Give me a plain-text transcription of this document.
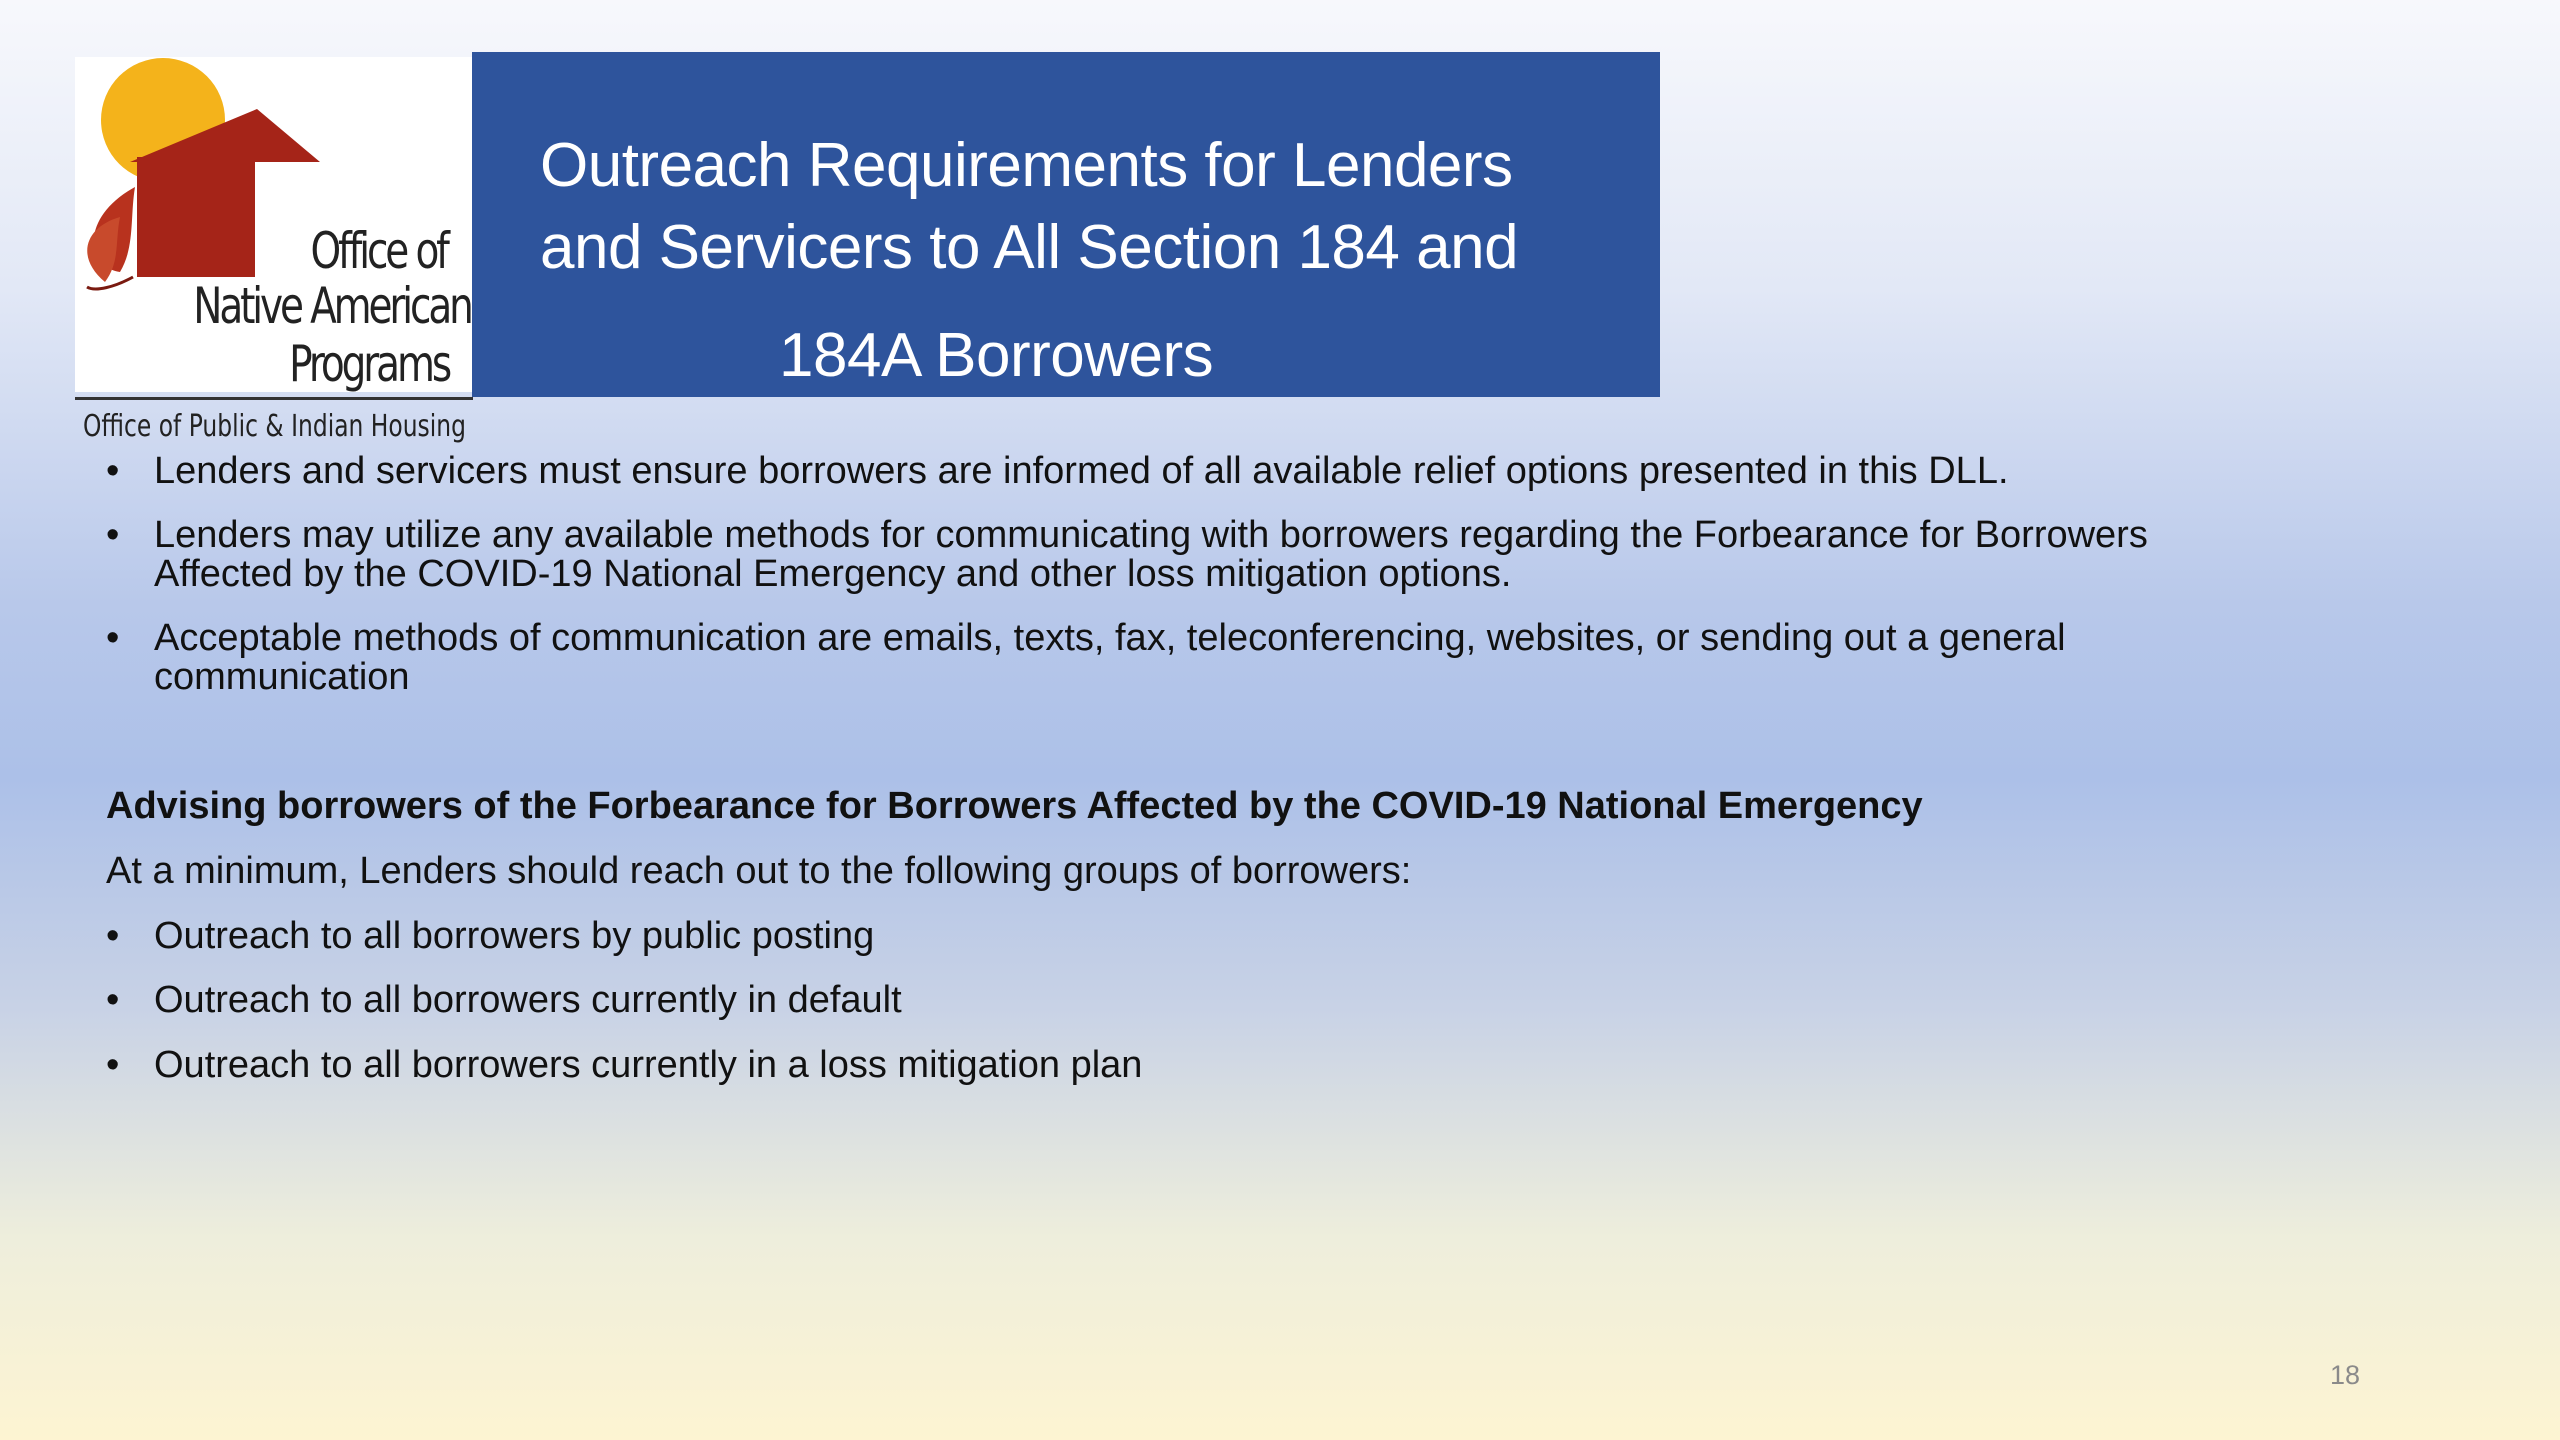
Office of
Native American
Programs
Office of Public & Indian Housing
Outreach Requirements for Lenders
and Servicers to All Section 184 and
184A Borrowers
• Lenders and servicers must ensure borrowers are informed of all available relief options presented in this DLL.
• Lenders may utilize any available methods for communicating with borrowers regarding the Forbearance for Borrowers
Affected by the COVID-19 National Emergency and other loss mitigation options.
• Acceptable methods of communication are emails, texts, fax, teleconferencing, websites, or sending out a general
communication
Advising borrowers of the Forbearance for Borrowers Affected by the COVID-19 National Emergency
At a minimum, Lenders should reach out to the following groups of borrowers:
• Outreach to all borrowers by public posting
• Outreach to all borrowers currently in default
• Outreach to all borrowers currently in a loss mitigation plan
18
